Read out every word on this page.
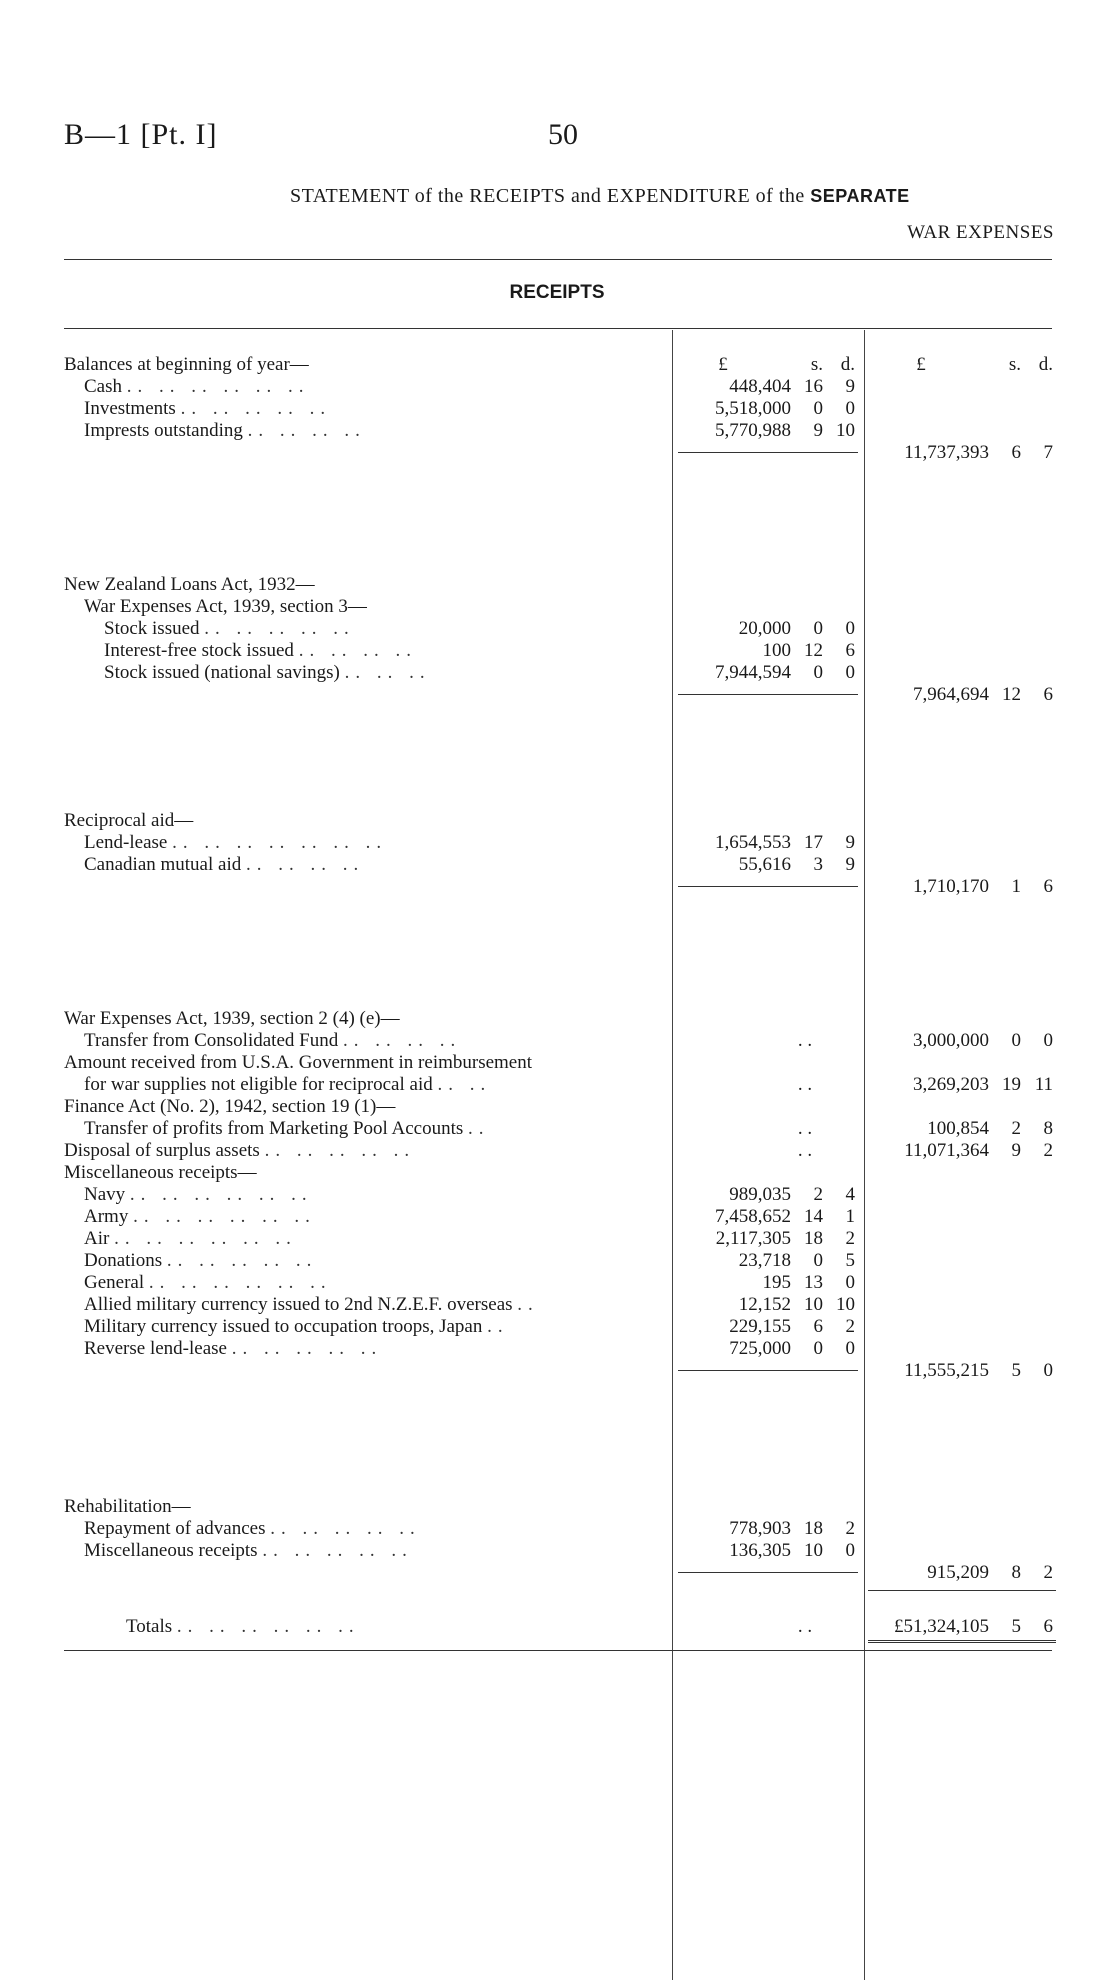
B—1 [Pt. I]	50
STATEMENT of the RECEIPTS and EXPENDITURE of the SEPARATE
WAR EXPENSES
RECEIPTS
£	s. d.	£	s. d.
Balances at beginning of year—
Cash .. .. .. .. .. ..	448,404 16	9
Investments .. .. .. .. ..	5,518,000	0	0
Imprests outstanding .. .. .. ..	5,770,988	9 10
11,737,393	6	7
New Zealand Loans Act, 1932—
War Expenses Act, 1939, section 3—
Stock issued .. .. .. .. ..	20,000	0	0
Interest-free stock issued .. .. .. ..	100 12	6
Stock issued (national savings) .. .. ..	7,944,594	0	0
7,964,694 12	6
Reciprocal aid—
Lend-lease .. .. .. .. .. .. ..	1,654,553 17	9
Canadian mutual aid .. .. .. ..	55,616	3	9
1,710,170	1	6
War Expenses Act, 1939, section 2 (4) (e)—
Transfer from Consolidated Fund .. .. .. ..	. .	3,000,000	0	0
Amount received from U.S.A. Government in reimbursement
for war supplies not eligible for reciprocal aid .. ..	. .	3,269,203 19 11
Finance Act (No. 2), 1942, section 19 (1)—
Transfer of profits from Marketing Pool Accounts ..	. .	100,854	2	8
Disposal of surplus assets .. .. .. .. ..	. .	11,071,364	9	2
Miscellaneous receipts—
Navy .. .. .. .. .. ..	989,035	2	4
Army .. .. .. .. .. ..	7,458,652 14	1
Air .. .. .. .. .. ..	2,117,305 18	2
Donations .. .. .. .. ..	23,718	0	5
General .. .. .. .. .. ..	195 13	0
Allied military currency issued to 2nd N.Z.E.F. overseas ..	12,152 10 10
Military currency issued to occupation troops, Japan ..	229,155	6	2
Reverse lend-lease .. .. .. .. ..	725,000	0	0
11,555,215	5	0
Rehabilitation—
Repayment of advances .. .. .. .. ..	778,903 18	2
Miscellaneous receipts .. .. .. .. ..	136,305 10	0
915,209	8	2
Totals .. .. .. .. .. ..	. .	£51,324,105	5	6
